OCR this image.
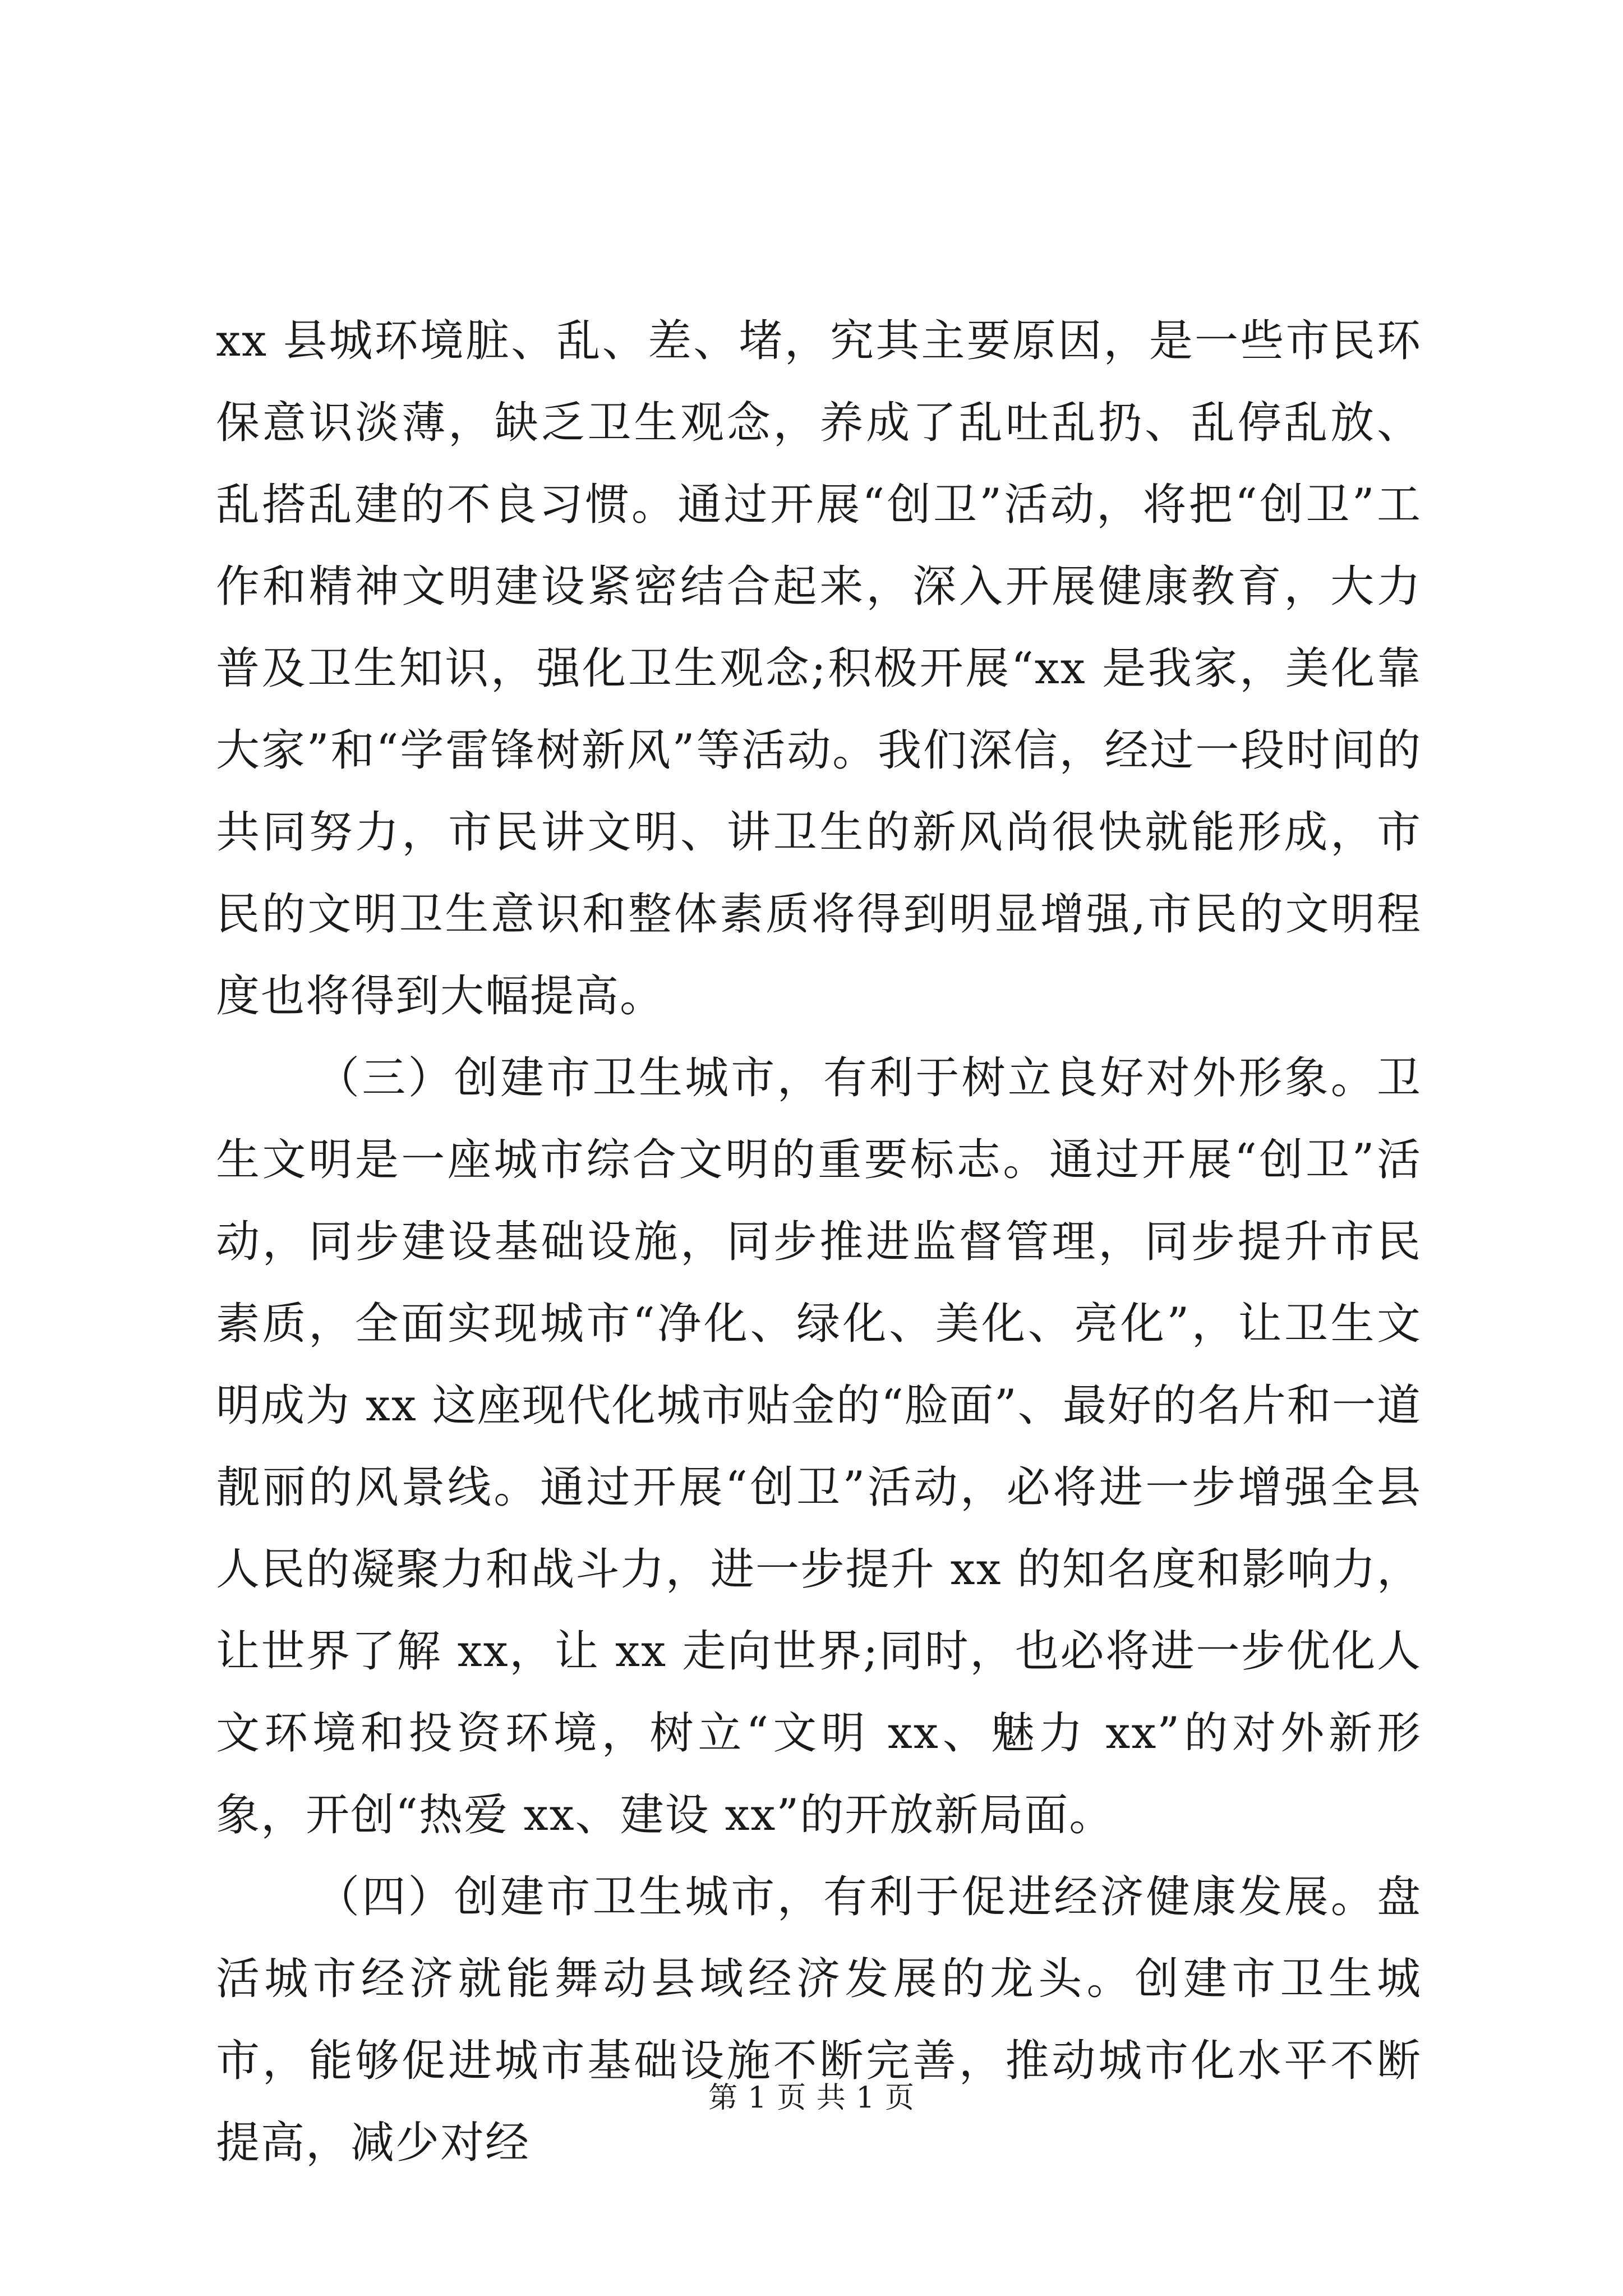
xx 县城环境脏、乱、差、堵，究其主要原因，是一些市民环保意识淡薄，缺乏卫生观念，养成了乱吐乱扔、乱停乱放、乱搭乱建的不良习惯。通过开展“创卫”活动，将把“创卫”工作和精神文明建设紧密结合起来，深入开展健康教育，大力普及卫生知识，强化卫生观念;积极开展“xx 是我家，美化靠大家”和“学雷锋树新风”等活动。我们深信，经过一段时间的共同努力，市民讲文明、讲卫生的新风尚很快就能形成，市民的文明卫生意识和整体素质将得到明显增强,市民的文明程度也将得到大幅提高。

（三）创建市卫生城市，有利于树立良好对外形象。卫生文明是一座城市综合文明的重要标志。通过开展“创卫”活动，同步建设基础设施，同步推进监督管理，同步提升市民素质，全面实现城市“净化、绿化、美化、亮化”，让卫生文明成为 xx 这座现代化城市贴金的“脸面”、最好的名片和一道靓丽的风景线。通过开展“创卫”活动，必将进一步增强全县人民的凝聚力和战斗力，进一步提升 xx 的知名度和影响力，让世界了解 xx，让 xx 走向世界;同时，也必将进一步优化人文环境和投资环境，树立“文明 xx、魅力 xx”的对外新形象，开创“热爱 xx、建设 xx”的开放新局面。

（四）创建市卫生城市，有利于促进经济健康发展。盘活城市经济就能舞动县域经济发展的龙头。创建市卫生城市，能够促进城市基础设施不断完善，推动城市化水平不断提高，减少对经

第 1 页 共 1 页
